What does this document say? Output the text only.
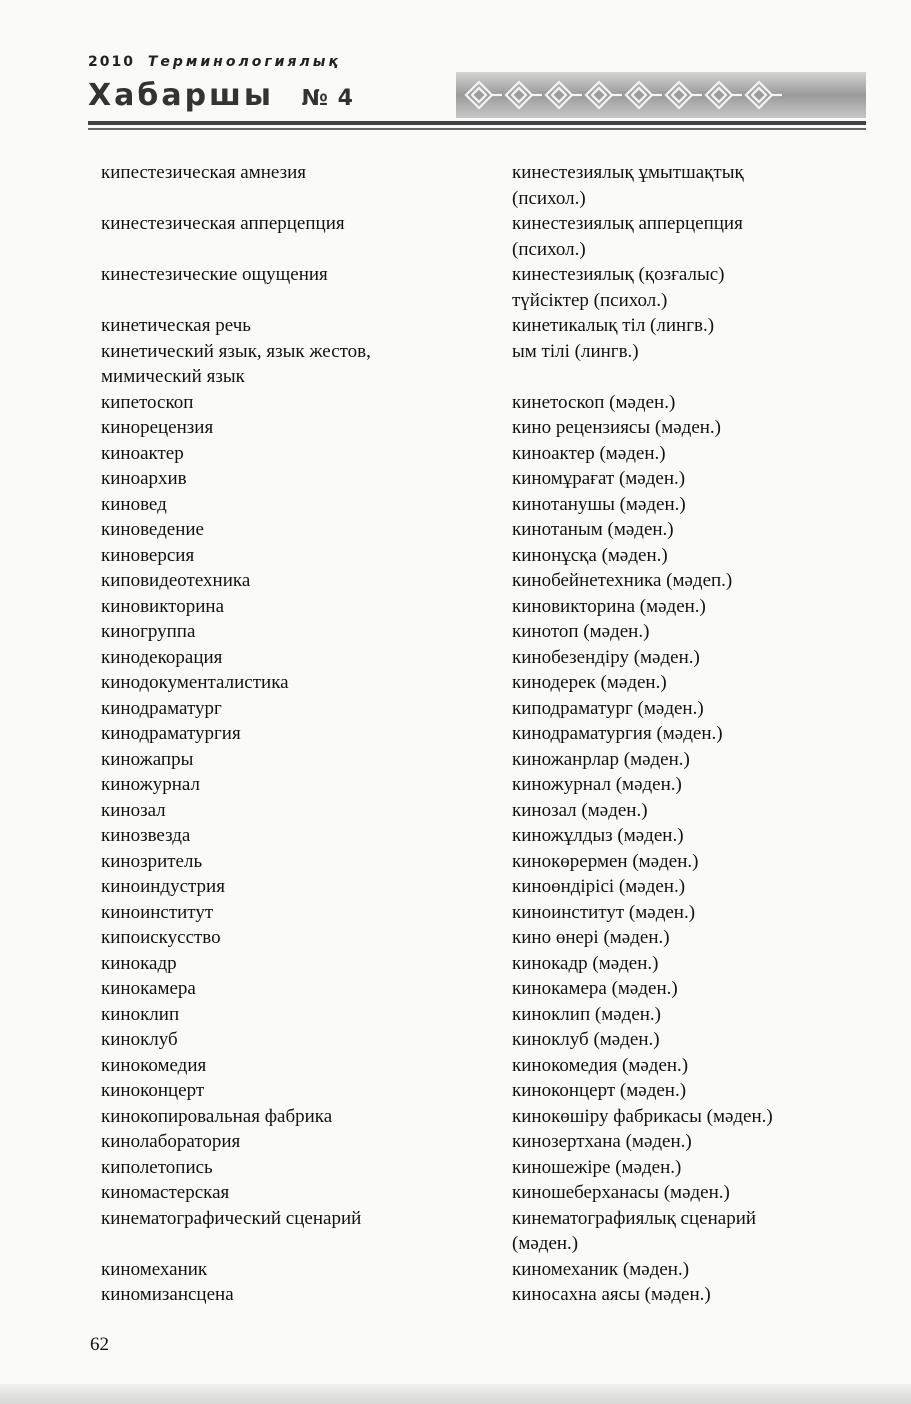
2010 Терминологиялық
Хабаршы № 4
кипестезическая амнезия

кинестезическая апперцепция

кинестезические ощущения

кинетическая речь
кинетический язык, язык жестов,
мимический язык
кипетоскоп
кинорецензия
киноактер
киноархив
киновед
киноведение
киноверсия
киповидеотехника
киновикторина
киногруппа
кинодекорация
кинодокументалистика
кинодраматург
кинодраматургия
киножапры
киножурнал
кинозал
кинозвезда
кинозритель
киноиндустрия
киноинститут
кипоискусство
кинокадр
кинокамера
киноклип
киноклуб
кинокомедия
киноконцерт
кинокопировальная фабрика
кинолаборатория
киполетопись
киномастерская
кинематографический сценарий

киномеханик
киномизансцена
кинестезиялық ұмытшақтық
(психол.)
кинестезиялық апперцепция
(психол.)
кинестезиялық (қозғалыс)
түйсіктер (психол.)
кинетикалық тіл (лингв.)
ым тілі (лингв.)

кинетоскоп (мәден.)
кино рецензиясы (мәден.)
киноактер (мәден.)
киномұрағат (мәден.)
кинотанушы (мәден.)
кинотаным (мәден.)
кинонұсқа (мәден.)
кинобейнетехника (мәдеп.)
киновикторина (мәден.)
кинотоп (мәден.)
кинобезендіру (мәден.)
кинодерек (мәден.)
киподраматург (мәден.)
кинодраматургия (мәден.)
киножанрлар (мәден.)
киножурнал (мәден.)
кинозал (мәден.)
киножұлдыз (мәден.)
кинокөрермен (мәден.)
киноөндірісі (мәден.)
киноинститут (мәден.)
кино өнері (мәден.)
кинокадр (мәден.)
кинокамера (мәден.)
киноклип (мәден.)
киноклуб (мәден.)
кинокомедия (мәден.)
киноконцерт (мәден.)
кинокөшіру фабрикасы (мәден.)
кинозертхана (мәден.)
киношежіре (мәден.)
киношеберханасы (мәден.)
кинематографиялық сценарий
(мәден.)
киномеханик (мәден.)
киносахна аясы (мәден.)
62
